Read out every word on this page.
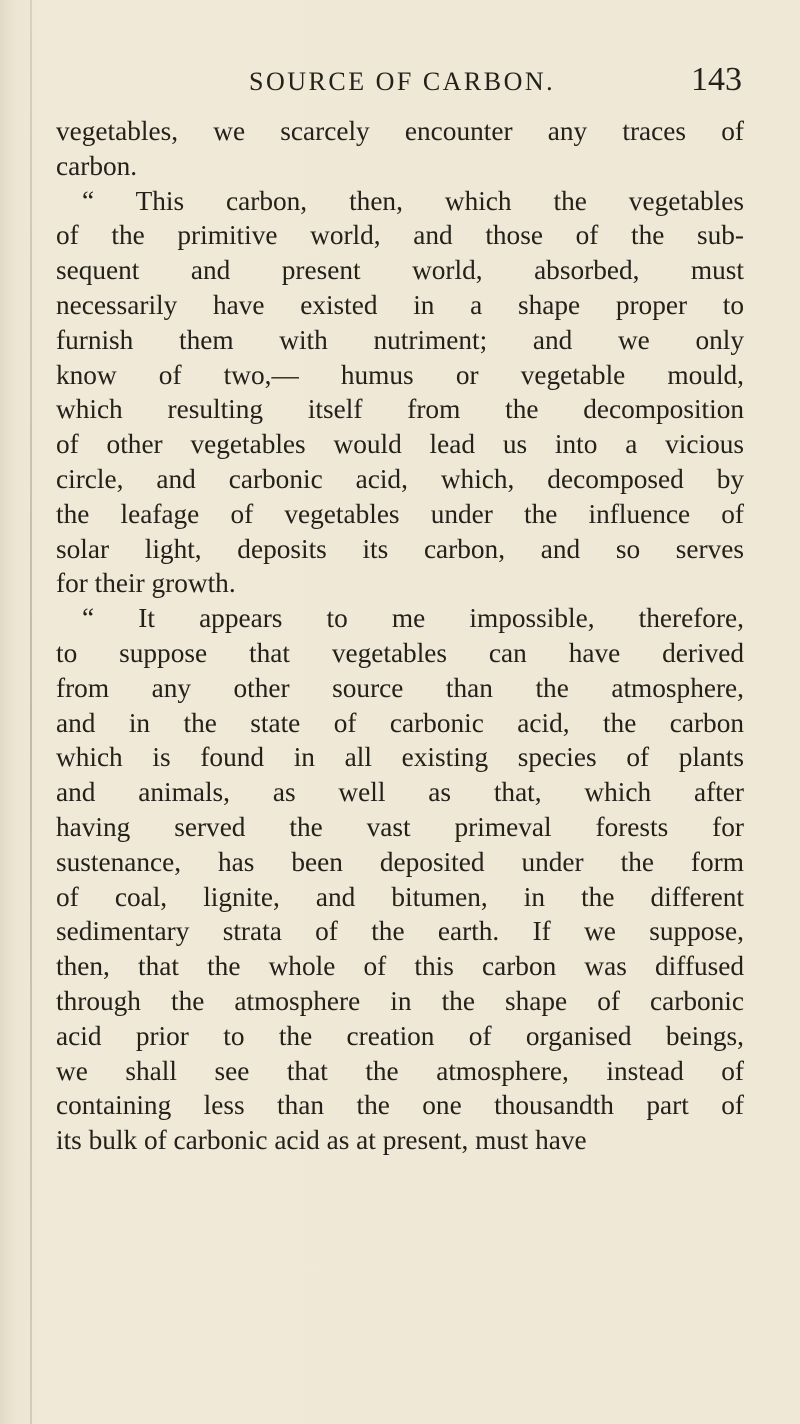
SOURCE OF CARBON.	143
vegetables, we scarcely encounter any traces of
carbon.
“ This carbon, then, which the vegetables
of the primitive world, and those of the sub-
sequent and present world, absorbed, must
necessarily have existed in a shape proper to
furnish them with nutriment; and we only
know of two,— humus or vegetable mould,
which resulting itself from the decomposition
of other vegetables would lead us into a vicious
circle, and carbonic acid, which, decomposed by
the leafage of vegetables under the influence of
solar light, deposits its carbon, and so serves
for their growth.
“ It appears to me impossible, therefore,
to suppose that vegetables can have derived
from any other source than the atmosphere,
and in the state of carbonic acid, the carbon
which is found in all existing species of plants
and animals, as well as that, which after
having served the vast primeval forests for
sustenance, has been deposited under the form
of coal, lignite, and bitumen, in the different
sedimentary strata of the earth. If we suppose,
then, that the whole of this carbon was diffused
through the atmosphere in the shape of carbonic
acid prior to the creation of organised beings,
we shall see that the atmosphere, instead of
containing less than the one thousandth part of
its bulk of carbonic acid as at present, must have
